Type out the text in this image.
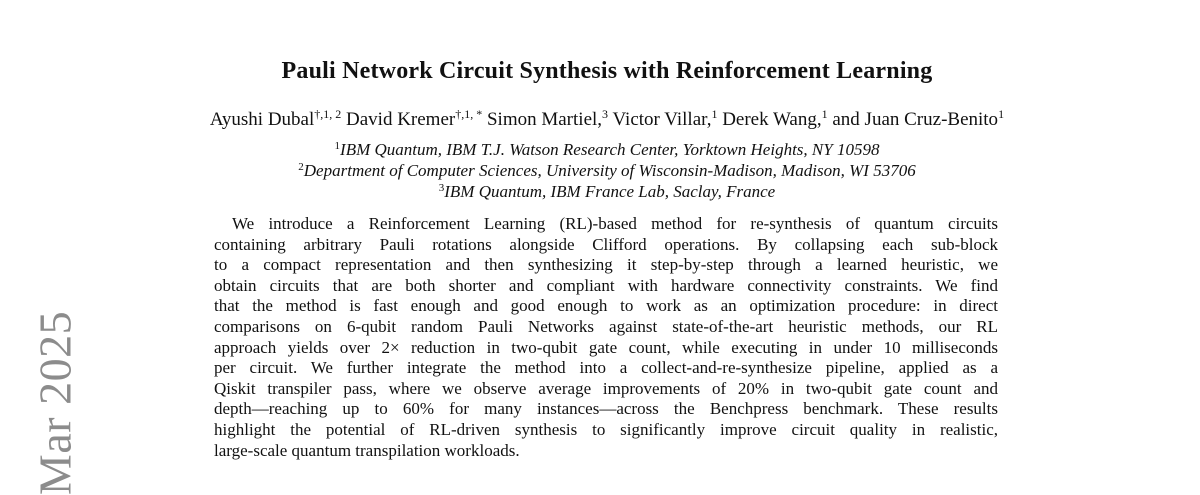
Mar 2025
Pauli Network Circuit Synthesis with Reinforcement Learning
Ayushi Dubal$^{\dagger,1, 2}$ David Kremer$^{\dagger,1, *}$ Simon Martiel,$^3$ Victor Villar,$^1$ Derek Wang,$^1$ and Juan Cruz-Benito$^1$
$^1$IBM Quantum, IBM T.J. Watson Research Center, Yorktown Heights, NY 10598
$^2$Department of Computer Sciences, University of Wisconsin-Madison, Madison, WI 53706
$^3$IBM Quantum, IBM France Lab, Saclay, France
We introduce a Reinforcement Learning (RL)-based method for re-synthesis of quantum circuits
containing arbitrary Pauli rotations alongside Clifford operations. By collapsing each sub-block
to a compact representation and then synthesizing it step-by-step through a learned heuristic, we
obtain circuits that are both shorter and compliant with hardware connectivity constraints. We find
that the method is fast enough and good enough to work as an optimization procedure: in direct
comparisons on 6-qubit random Pauli Networks against state-of-the-art heuristic methods, our RL
approach yields over 2× reduction in two-qubit gate count, while executing in under 10 milliseconds
per circuit. We further integrate the method into a collect-and-re-synthesize pipeline, applied as a
Qiskit transpiler pass, where we observe average improvements of 20% in two-qubit gate count and
depth—reaching up to 60% for many instances—across the Benchpress benchmark. These results
highlight the potential of RL-driven synthesis to significantly improve circuit quality in realistic,
large-scale quantum transpilation workloads.
